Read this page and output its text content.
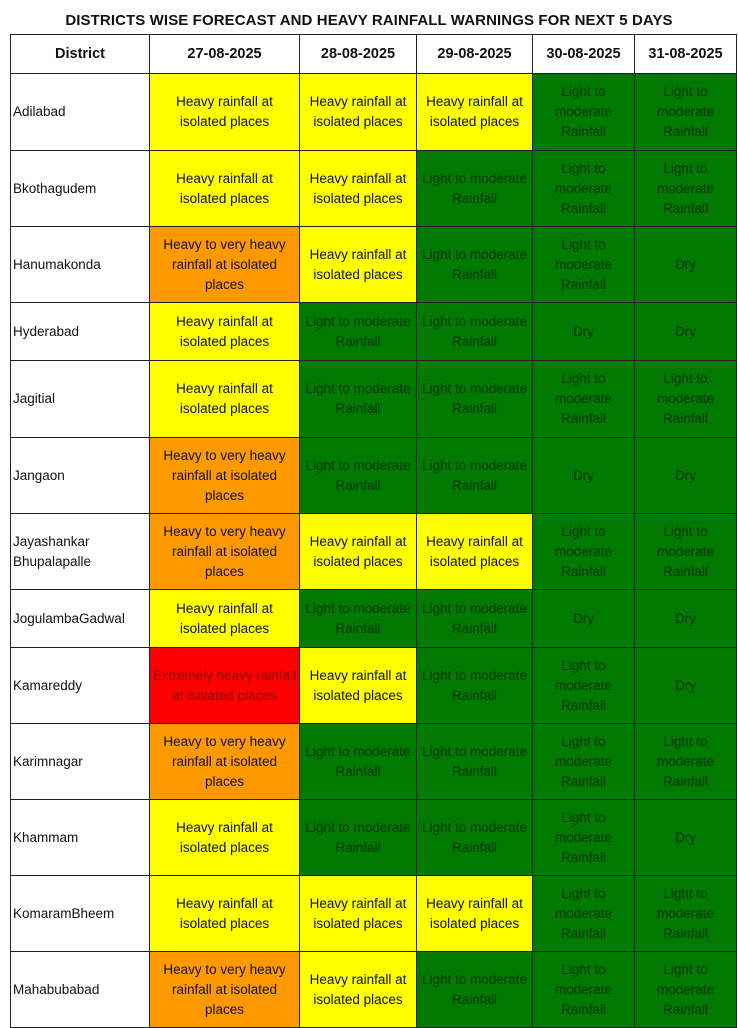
DISTRICTS WISE FORECAST AND HEAVY RAINFALL WARNINGS FOR NEXT 5 DAYS
District	27-08-2025	28-08-2025	29-08-2025	30-08-2025	31-08-2025
Adilabad	Heavy rainfall at isolated places	Heavy rainfall at isolated places	Heavy rainfall at isolated places	Light to moderate Rainfall	Light to moderate Rainfall
Bkothagudem	Heavy rainfall at isolated places	Heavy rainfall at isolated places	Light to moderate Rainfall	Light to moderate Rainfall	Light to moderate Rainfall
Hanumakonda	Heavy to very heavy rainfall at isolated places	Heavy rainfall at isolated places	Light to moderate Rainfall	Light to moderate Rainfall	Dry
Hyderabad	Heavy rainfall at isolated places	Light to moderate Rainfall	Light to moderate Rainfall	Dry	Dry
Jagitial	Heavy rainfall at isolated places	Light to moderate Rainfall	Light to moderate Rainfall	Light to moderate Rainfall	Light to moderate Rainfall
Jangaon	Heavy to very heavy rainfall at isolated places	Light to moderate Rainfall	Light to moderate Rainfall	Dry	Dry
Jayashankar Bhupalapalle	Heavy to very heavy rainfall at isolated places	Heavy rainfall at isolated places	Heavy rainfall at isolated places	Light to moderate Rainfall	Light to moderate Rainfall
JogulambaGadwal	Heavy rainfall at isolated places	Light to moderate Rainfall	Light to moderate Rainfall	Dry	Dry
Kamareddy	Extremely heavy rainfall at isolated places	Heavy rainfall at isolated places	Light to moderate Rainfall	Light to moderate Rainfall	Dry
Karimnagar	Heavy to very heavy rainfall at isolated places	Light to moderate Rainfall	Light to moderate Rainfall	Light to moderate Rainfall	Light to moderate Rainfall
Khammam	Heavy rainfall at isolated places	Light to moderate Rainfall	Light to moderate Rainfall	Light to moderate Rainfall	Dry
KomaramBheem	Heavy rainfall at isolated places	Heavy rainfall at isolated places	Heavy rainfall at isolated places	Light to moderate Rainfall	Light to moderate Rainfall
Mahabubabad	Heavy to very heavy rainfall at isolated places	Heavy rainfall at isolated places	Light to moderate Rainfall	Light to moderate Rainfall	Light to moderate Rainfall
